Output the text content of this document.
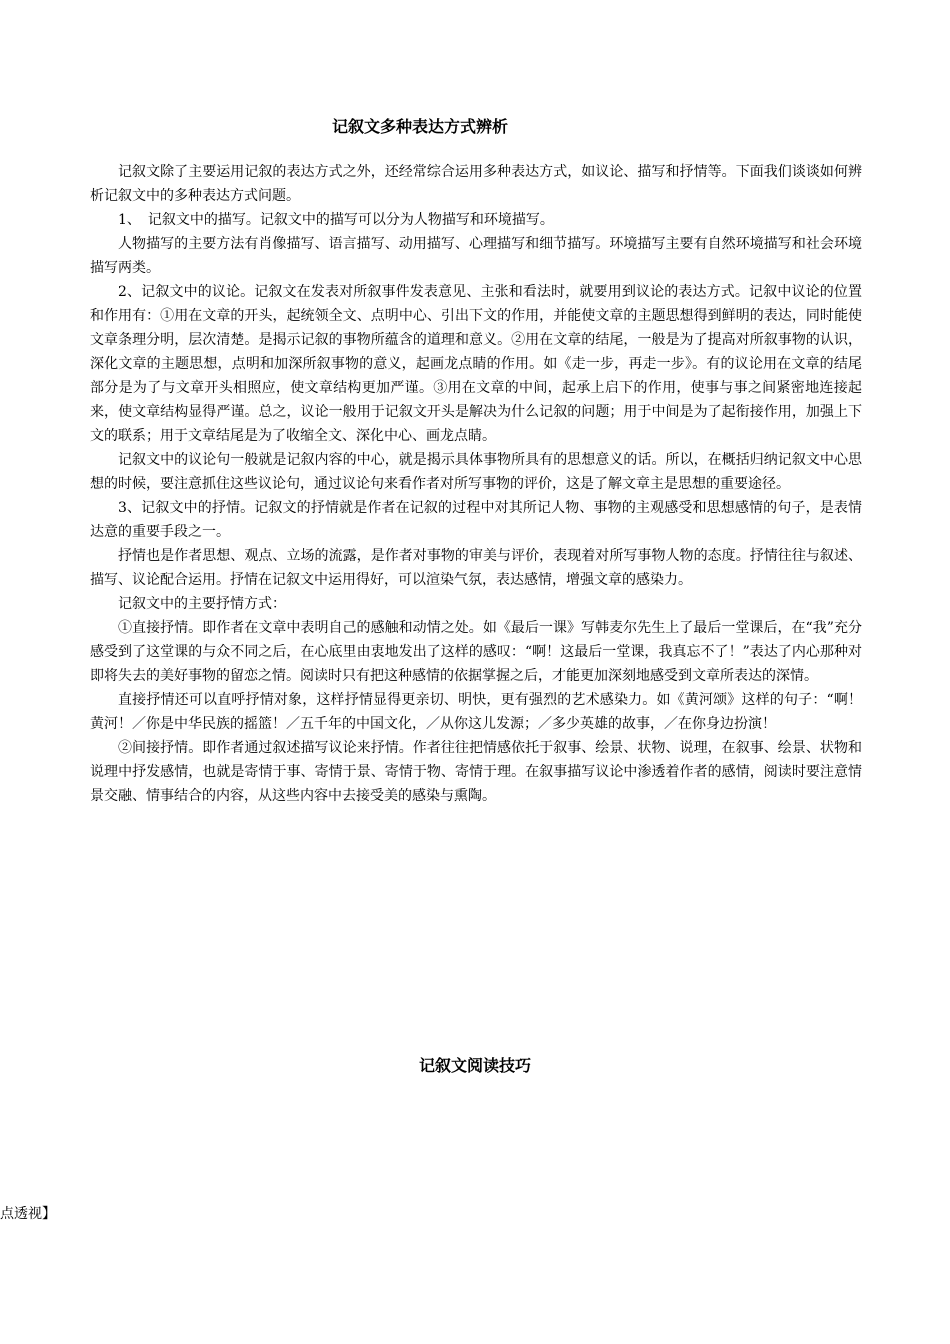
记叙文多种表达方式辨析

记叙文除了主要运用记叙的表达方式之外，还经常综合运用多种表达方式，如议论、描写和抒情等。下面我们谈谈如何辨析记叙文中的多种表达方式问题。

1、　记叙文中的描写。记叙文中的描写可以分为人物描写和环境描写。

人物描写的主要方法有肖像描写、语言描写、动用描写、心理描写和细节描写。环境描写主要有自然环境描写和社会环境描写两类。

2、记叙文中的议论。记叙文在发表对所叙事件发表意见、主张和看法时，就要用到议论的表达方式。记叙中议论的位置和作用有：①用在文章的开头，起统领全文、点明中心、引出下文的作用，并能使文章的主题思想得到鲜明的表达，同时能使文章条理分明，层次清楚。是揭示记叙的事物所蕴含的道理和意义。②用在文章的结尾，一般是为了提高对所叙事物的认识，深化文章的主题思想，点明和加深所叙事物的意义，起画龙点睛的作用。如《走一步，再走一步》。有的议论用在文章的结尾部分是为了与文章开头相照应，使文章结构更加严谨。③用在文章的中间，起承上启下的作用，使事与事之间紧密地连接起来，使文章结构显得严谨。总之，议论一般用于记叙文开头是解决为什么记叙的问题；用于中间是为了起衔接作用，加强上下文的联系；用于文章结尾是为了收缩全文、深化中心、画龙点睛。

记叙文中的议论句一般就是记叙内容的中心，就是揭示具体事物所具有的思想意义的话。所以，在概括归纳记叙文中心思想的时候，要注意抓住这些议论句，通过议论句来看作者对所写事物的评价，这是了解文章主是思想的重要途径。

3、记叙文中的抒情。记叙文的抒情就是作者在记叙的过程中对其所记人物、事物的主观感受和思想感情的句子，是表情达意的重要手段之一。

抒情也是作者思想、观点、立场的流露，是作者对事物的审美与评价，表现着对所写事物人物的态度。抒情往往与叙述、描写、议论配合运用。抒情在记叙文中运用得好，可以渲染气氛，表达感情，增强文章的感染力。

记叙文中的主要抒情方式：

①直接抒情。即作者在文章中表明自己的感触和动情之处。如《最后一课》写韩麦尔先生上了最后一堂课后，在“我”充分感受到了这堂课的与众不同之后，在心底里由衷地发出了这样的感叹：“啊！这最后一堂课，我真忘不了！”表达了内心那种对即将失去的美好事物的留恋之情。阅读时只有把这种感情的依据掌握之后，才能更加深刻地感受到文章所表达的深情。

直接抒情还可以直呼抒情对象，这样抒情显得更亲切、明快，更有强烈的艺术感染力。如《黄河颂》这样的句子：“啊！黄河！／你是中华民族的摇篮！／五千年的中国文化，／从你这儿发源；／多少英雄的故事，／在你身边扮演！

②间接抒情。即作者通过叙述描写议论来抒情。作者往往把情感依托于叙事、绘景、状物、说理，在叙事、绘景、状物和说理中抒发感情，也就是寄情于事、寄情于景、寄情于物、寄情于理。在叙事描写议论中渗透着作者的感情，阅读时要注意情景交融、情事结合的内容，从这些内容中去接受美的感染与熏陶。

记叙文阅读技巧

点透视】
